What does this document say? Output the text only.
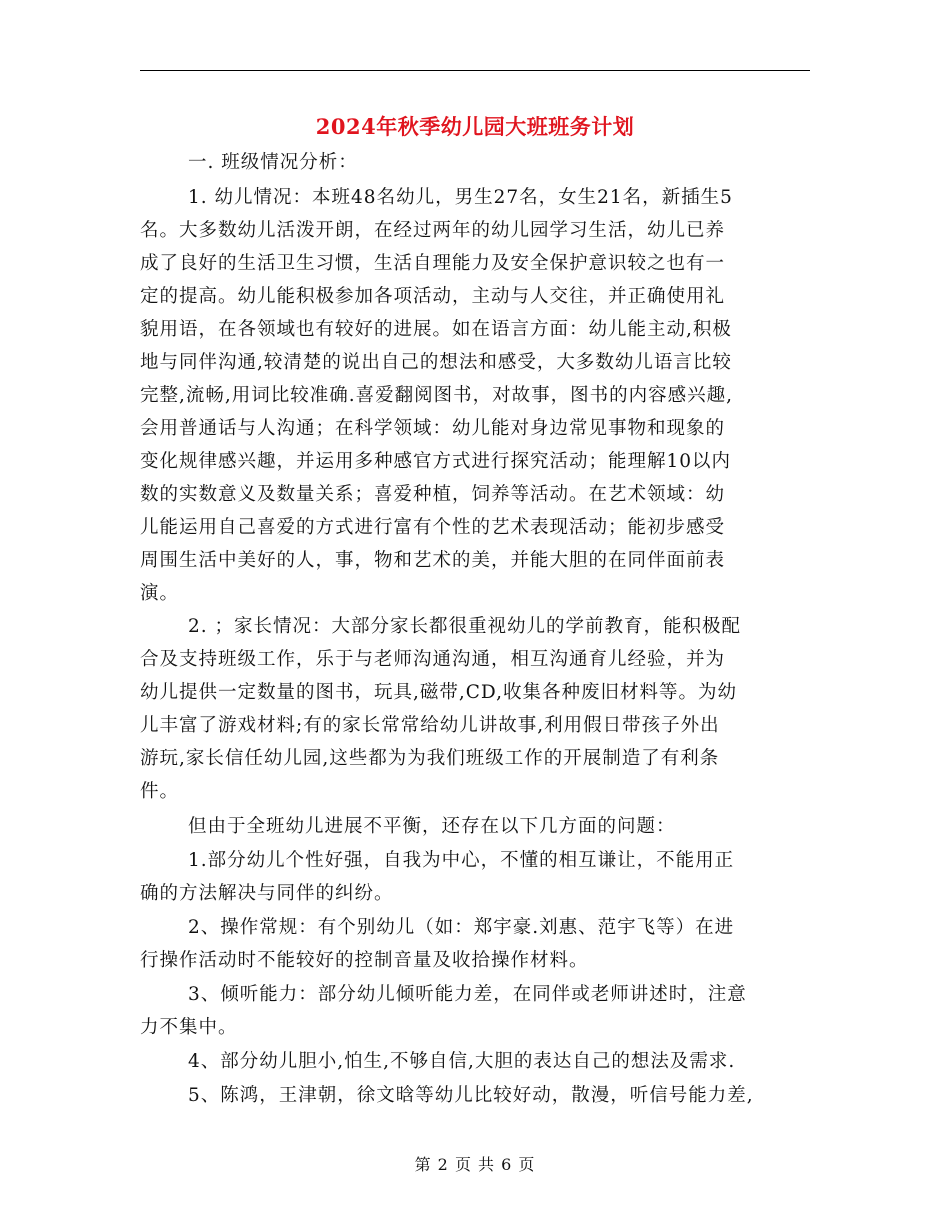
2024年秋季幼儿园大班班务计划
一. 班级情况分析：
1. 幼儿情况：本班48名幼儿，男生27名，女生21名，新插生5
名。大多数幼儿活泼开朗，在经过两年的幼儿园学习生活，幼儿已养
成了良好的生活卫生习惯，生活自理能力及安全保护意识较之也有一
定的提高。幼儿能积极参加各项活动，主动与人交往，并正确使用礼
貌用语，在各领域也有较好的进展。如在语言方面：幼儿能主动,积极
地与同伴沟通,较清楚的说出自己的想法和感受，大多数幼儿语言比较
完整,流畅,用词比较准确.喜爱翻阅图书，对故事，图书的内容感兴趣,
会用普通话与人沟通；在科学领域：幼儿能对身边常见事物和现象的
变化规律感兴趣，并运用多种感官方式进行探究活动；能理解10以内
数的实数意义及数量关系；喜爱种植，饲养等活动。在艺术领域：幼
儿能运用自己喜爱的方式进行富有个性的艺术表现活动；能初步感受
周围生活中美好的人，事，物和艺术的美，并能大胆的在同伴面前表
演。
2. ；家长情况：大部分家长都很重视幼儿的学前教育，能积极配
合及支持班级工作，乐于与老师沟通沟通，相互沟通育儿经验，并为
幼儿提供一定数量的图书，玩具,磁带,CD,收集各种废旧材料等。为幼
儿丰富了游戏材料;有的家长常常给幼儿讲故事,利用假日带孩子外出
游玩,家长信任幼儿园,这些都为为我们班级工作的开展制造了有利条
件。
但由于全班幼儿进展不平衡，还存在以下几方面的问题：
1.部分幼儿个性好强，自我为中心，不懂的相互谦让，不能用正
确的方法解决与同伴的纠纷。
2、操作常规：有个别幼儿（如：郑宇豪.刘惠、范宇飞等）在进
行操作活动时不能较好的控制音量及收拾操作材料。
3、倾听能力：部分幼儿倾听能力差，在同伴或老师讲述时，注意
力不集中。
4、部分幼儿胆小,怕生,不够自信,大胆的表达自己的想法及需求.
5、陈鸿，王津朝，徐文晗等幼儿比较好动，散漫，听信号能力差,
第 2 页 共 6 页
